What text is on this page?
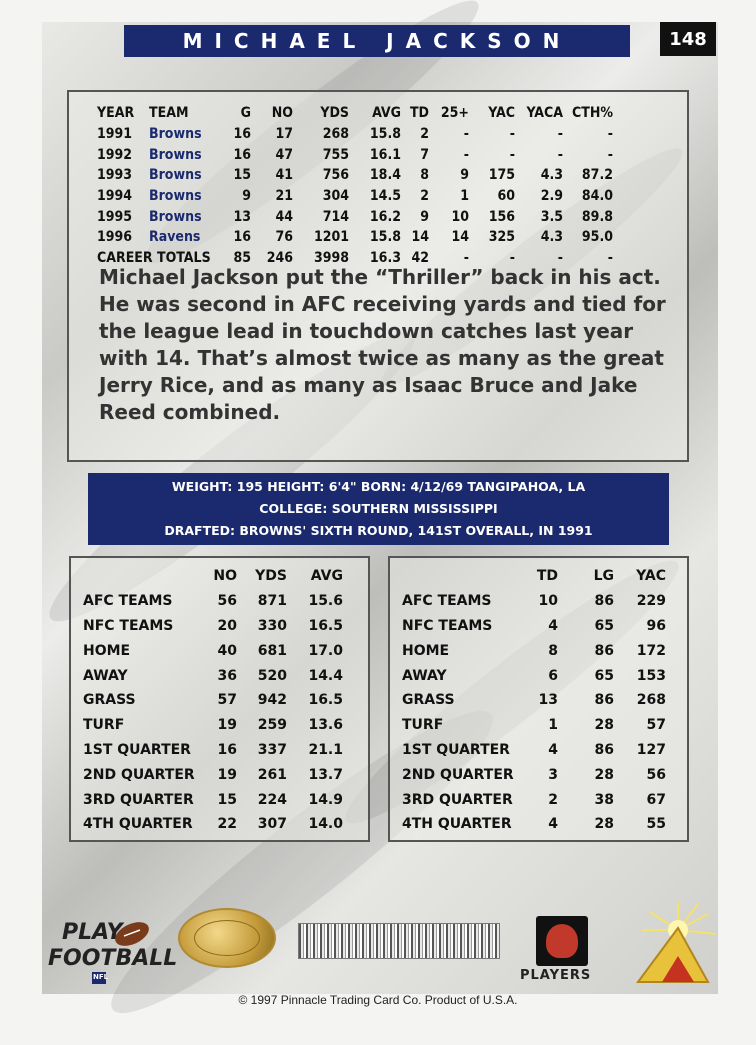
MICHAEL JACKSON	148
YEAR	TEAM	G	NO	YDS	AVG	TD	25+	YAC	YACA	CTH%
1991	Browns	16	17	268	15.8	2	-	-	-	-
1992	Browns	16	47	755	16.1	7	-	-	-	-
1993	Browns	15	41	756	18.4	8	9	175	4.3	87.2
1994	Browns	9	21	304	14.5	2	1	60	2.9	84.0
1995	Browns	13	44	714	16.2	9	10	156	3.5	89.8
1996	Ravens	16	76	1201	15.8	14	14	325	4.3	95.0
CAREER TOTALS		85	246	3998	16.3	42	-	-	-	-
Michael Jackson put the “Thriller” back in his act. He was second in AFC receiving yards and tied for the league lead in touchdown catches last year with 14. That’s almost twice as many as the great Jerry Rice, and as many as Isaac Bruce and Jake Reed combined.
WEIGHT: 195 HEIGHT: 6'4" BORN: 4/12/69 TANGIPAHOA, LA
COLLEGE: SOUTHERN MISSISSIPPI
DRAFTED: BROWNS' SIXTH ROUND, 141ST OVERALL, IN 1991
	NO	YDS	AVG
AFC TEAMS	56	871	15.6
NFC TEAMS	20	330	16.5
HOME	40	681	17.0
AWAY	36	520	14.4
GRASS	57	942	16.5
TURF	19	259	13.6
1ST QUARTER	16	337	21.1
2ND QUARTER	19	261	13.7
3RD QUARTER	15	224	14.9
4TH QUARTER	22	307	14.0
	TD	LG	YAC
AFC TEAMS	10	86	229
NFC TEAMS	4	65	96
HOME	8	86	172
AWAY	6	65	153
GRASS	13	86	268
TURF	1	28	57
1ST QUARTER	4	86	127
2ND QUARTER	3	28	56
3RD QUARTER	2	38	67
4TH QUARTER	4	28	55
PLAY
FOOTBALL
NFL	PLAYERS
© 1997 Pinnacle Trading Card Co. Product of U.S.A.
